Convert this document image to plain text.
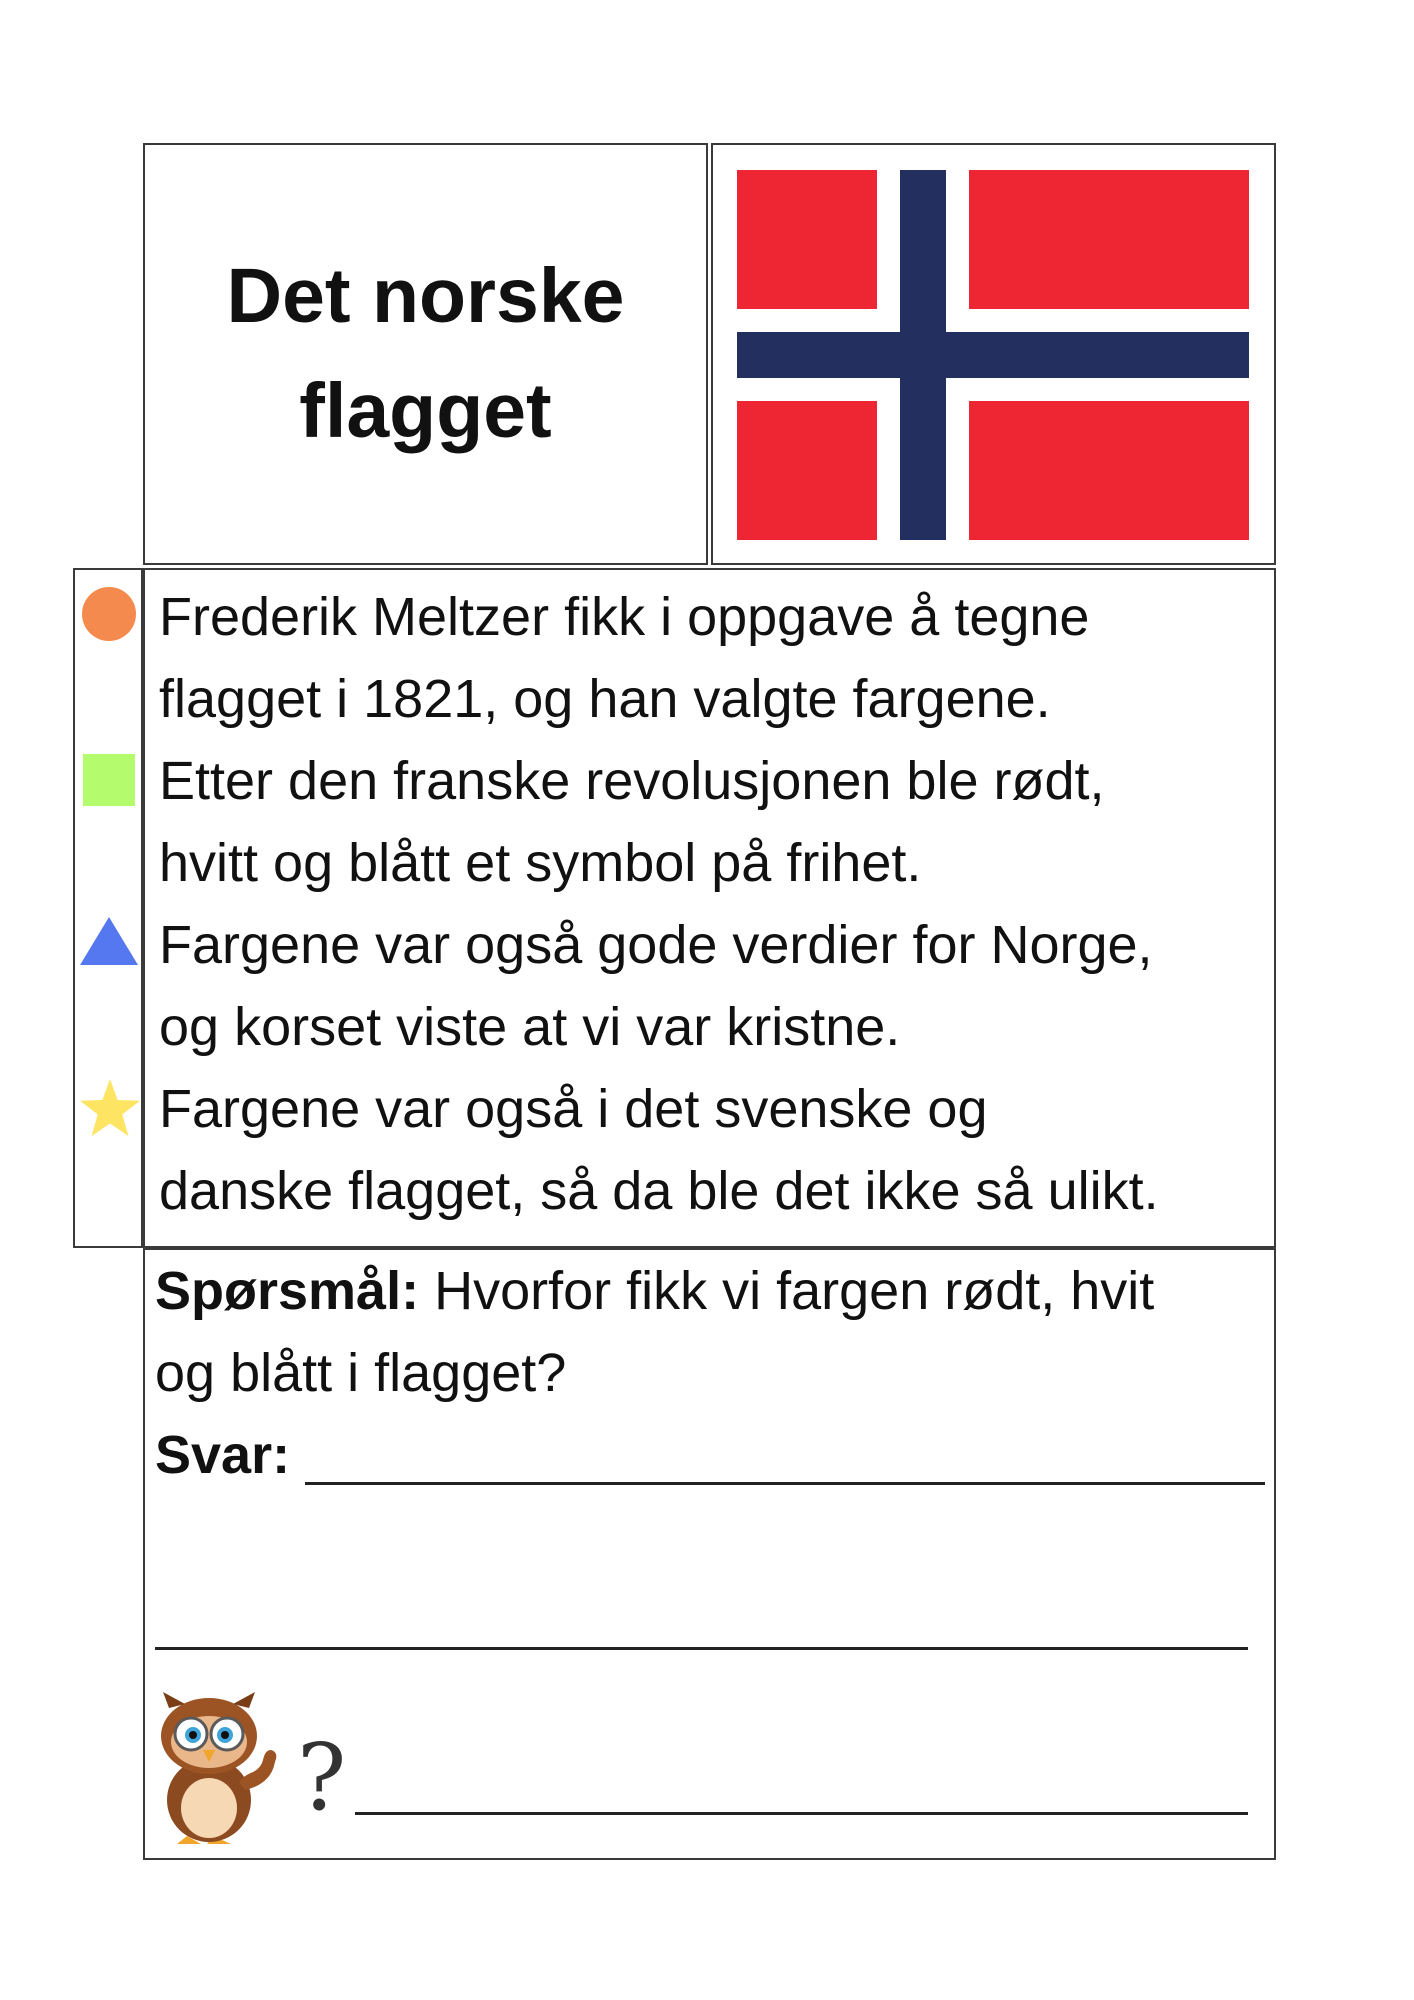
Det norske
flagget
Frederik Meltzer fikk i oppgave å tegne
flagget i 1821, og han valgte fargene.
Etter den franske revolusjonen ble rødt,
hvitt og blått et symbol på frihet.
Fargene var også gode verdier for Norge,
og korset viste at vi var kristne.
Fargene var også i det svenske og
danske flagget, så da ble det ikke så ulikt.
Spørsmål: Hvorfor fikk vi fargen rødt, hvit
og blått i flagget?
Svar:
?
